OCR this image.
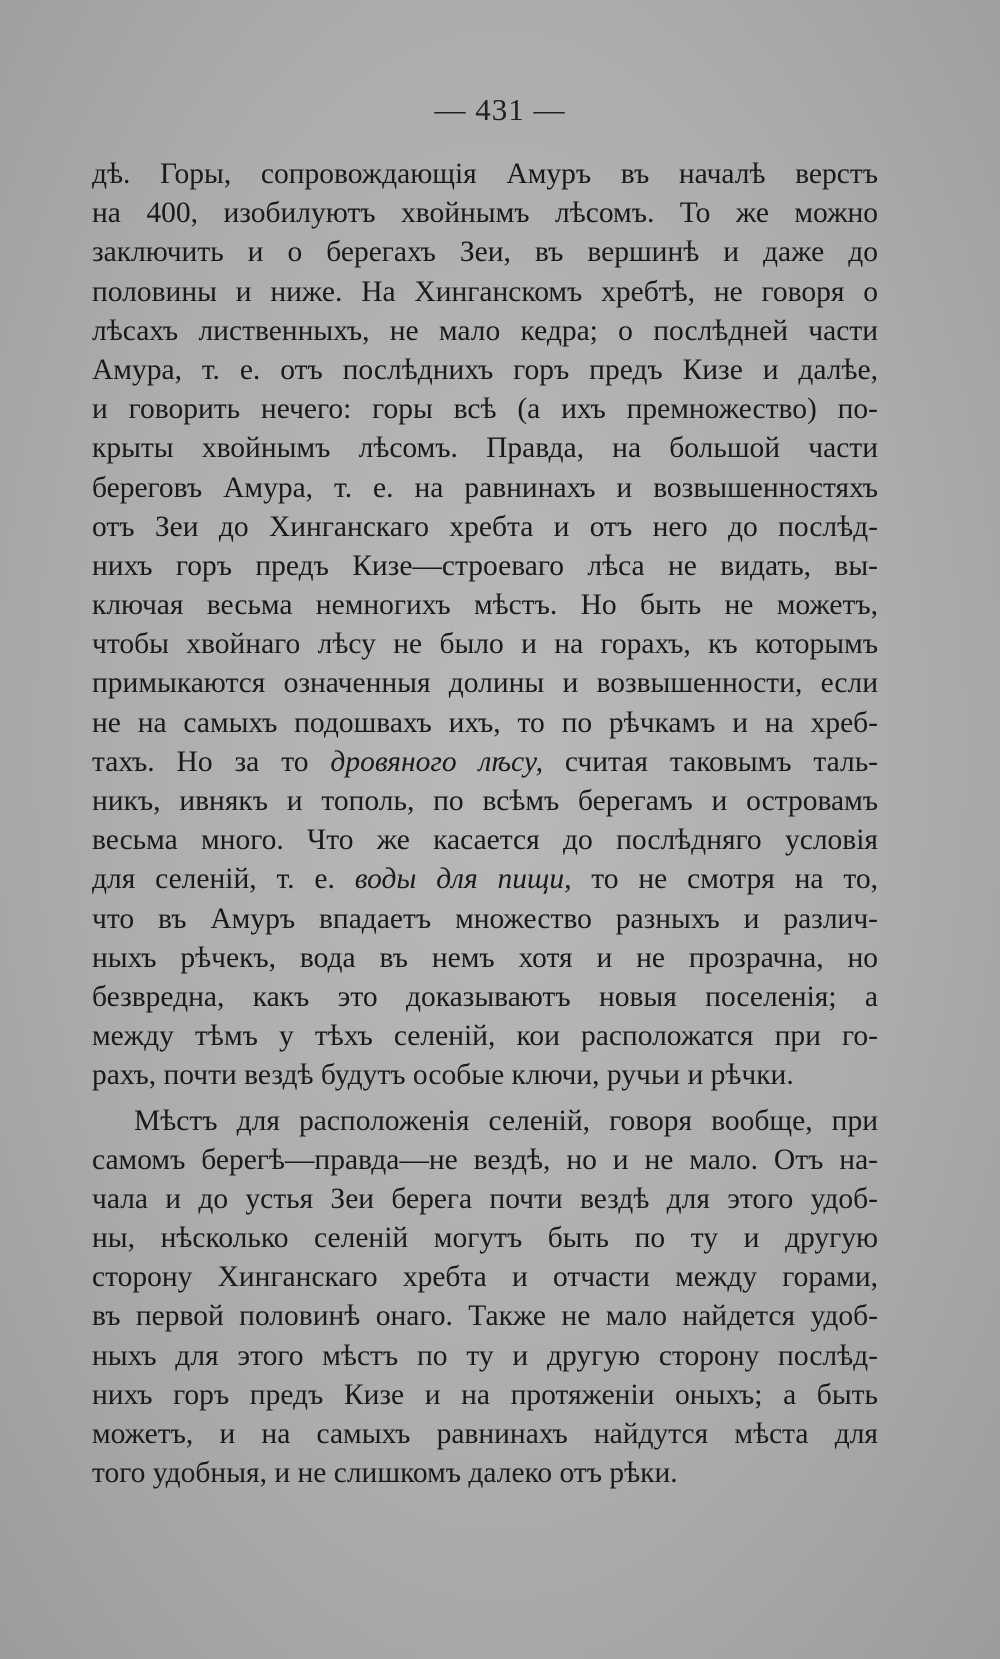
— 431 —
дѣ. Горы, сопровождающія Амуръ въ началѣ верстъ
на 400, изобилуютъ хвойнымъ лѣсомъ. То же можно
заключить и о берегахъ Зеи, въ вершинѣ и даже до
половины и ниже. На Хинганскомъ хребтѣ, не говоря о
лѣсахъ лиственныхъ, не мало кедра; о послѣдней части
Амура, т. е. отъ послѣднихъ горъ предъ Кизе и далѣе,
и говорить нечего: горы всѣ (а ихъ премножество) по-
крыты хвойнымъ лѣсомъ. Правда, на большой части
береговъ Амура, т. е. на равнинахъ и возвышенностяхъ
отъ Зеи до Хинганскаго хребта и отъ него до послѣд-
нихъ горъ предъ Кизе—строеваго лѣса не видать, вы-
ключая весьма немногихъ мѣстъ. Но быть не можетъ,
чтобы хвойнаго лѣсу не было и на горахъ, къ которымъ
примыкаются означенныя долины и возвышенности, если
не на самыхъ подошвахъ ихъ, то по рѣчкамъ и на хреб-
тахъ. Но за то дровяного лѣсу, считая таковымъ таль-
никъ, ивнякъ и тополь, по всѣмъ берегамъ и островамъ
весьма много. Что же касается до послѣдняго условія
для селеній, т. е. воды для пищи, то не смотря на то,
что въ Амуръ впадаетъ множество разныхъ и различ-
ныхъ рѣчекъ, вода въ немъ хотя и не прозрачна, но
безвредна, какъ это доказываютъ новыя поселенія; а
между тѣмъ у тѣхъ селеній, кои расположатся при го-
рахъ, почти вездѣ будутъ особые ключи, ручьи и рѣчки.
Мѣстъ для расположенія селеній, говоря вообще, при
самомъ берегѣ—правда—не вездѣ, но и не мало. Отъ на-
чала и до устья Зеи берега почти вездѣ для этого удоб-
ны, нѣсколько селеній могутъ быть по ту и другую
сторону Хинганскаго хребта и отчасти между горами,
въ первой половинѣ онаго. Также не мало найдется удоб-
ныхъ для этого мѣстъ по ту и другую сторону послѣд-
нихъ горъ предъ Кизе и на протяженіи оныхъ; а быть
можетъ, и на самыхъ равнинахъ найдутся мѣста для
того удобныя, и не слишкомъ далеко отъ рѣки.
